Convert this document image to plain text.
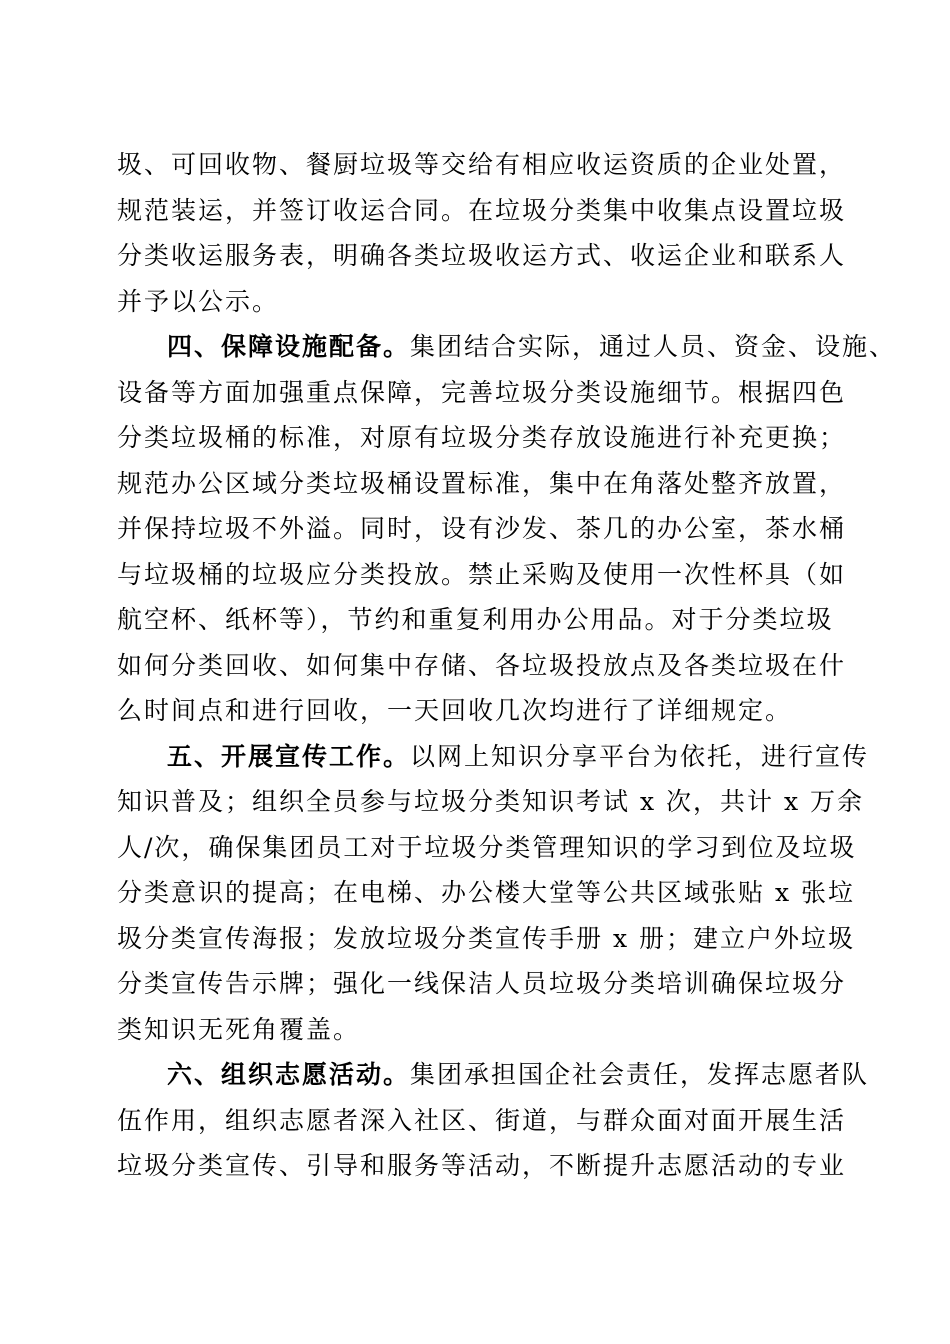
圾、可回收物、餐厨垃圾等交给有相应收运资质的企业处置，
规范装运，并签订收运合同。在垃圾分类集中收集点设置垃圾
分类收运服务表，明确各类垃圾收运方式、收运企业和联系人
并予以公示。
四、保障设施配备。集团结合实际，通过人员、资金、设施、
设备等方面加强重点保障，完善垃圾分类设施细节。根据四色
分类垃圾桶的标准，对原有垃圾分类存放设施进行补充更换；
规范办公区域分类垃圾桶设置标准，集中在角落处整齐放置，
并保持垃圾不外溢。同时，设有沙发、茶几的办公室，茶水桶
与垃圾桶的垃圾应分类投放。禁止采购及使用一次性杯具（如
航空杯、纸杯等），节约和重复利用办公用品。对于分类垃圾
如何分类回收、如何集中存储、各垃圾投放点及各类垃圾在什
么时间点和进行回收，一天回收几次均进行了详细规定。
五、开展宣传工作。以网上知识分享平台为依托，进行宣传
知识普及；组织全员参与垃圾分类知识考试 x 次，共计 x 万余
人/次，确保集团员工对于垃圾分类管理知识的学习到位及垃圾
分类意识的提高；在电梯、办公楼大堂等公共区域张贴 x 张垃
圾分类宣传海报；发放垃圾分类宣传手册 x 册；建立户外垃圾
分类宣传告示牌；强化一线保洁人员垃圾分类培训确保垃圾分
类知识无死角覆盖。
六、组织志愿活动。集团承担国企社会责任，发挥志愿者队
伍作用，组织志愿者深入社区、街道，与群众面对面开展生活
垃圾分类宣传、引导和服务等活动，不断提升志愿活动的专业
